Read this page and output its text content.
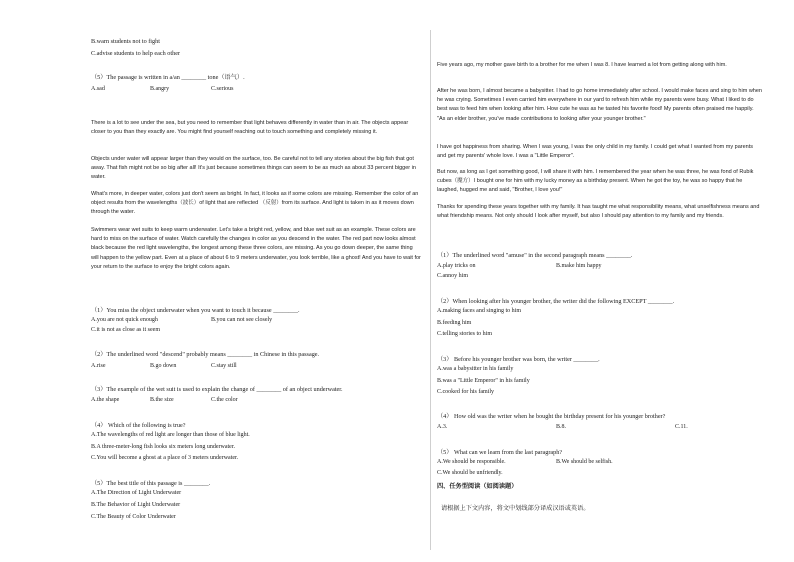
B.warn students not to fight
C.advise students to help each other
（5）The passage is written in a/an ________ tone（语气）.
A.sad	B.angry	C.serious
There is a lot to see under the sea, but you need to remember that light behaves differently in water than in air. The objects appear closer to you than they exactly are. You might find yourself reaching out to touch something and completely missing it.
Objects under water will appear larger than they would on the surface, too. Be careful not to tell any stories about the big fish that got away. That fish might not be so big after all! It's just because sometimes things can seem to be as much as about 33 percent bigger in water.
What's more, in deeper water, colors just don't seem as bright. In fact, it looks as if some colors are missing. Remember the color of an object results from the wavelengths（波长）of light that are reflected （反射）from its surface. And light is taken in as it moves down through the water.
Swimmers wear wet suits to keep warm underwater. Let's take a bright red, yellow, and blue wet suit as an example. These colors are hard to miss on the surface of water. Watch carefully the changes in color as you descend in the water. The red part now looks almost black because the red light wavelengths, the longest among these three colors, are missing. As you go down deeper, the same thing will happen to the yellow part. Even at a place of about 6 to 9 meters underwater, you look terrible, like a ghost! And you have to wait for your return to the surface to enjoy the bright colors again.
（1）You miss the object underwater when you want to touch it because ________.
A.you are not quick enough	B.you can not see closely
C.it is not as close as it seem
（2）The underlined word "descend" probably means ________ in Chinese in this passage.
A.rise	B.go down	C.stay still
（3）The example of the wet suit is used to explain the change of ________ of an object underwater.
A.the shape	B.the size	C.the color
（4） Which of the following is true?
A.The wavelengths of red light are longer than those of blue light.
B.A three-meter-long fish looks six meters long underwater.
C.You will become a ghost at a place of 3 meters underwater.
（5）The best title of this passage is ________.
A.The Direction of Light Underwater
B.The Behavior of Light Underwater
C.The Beauty of Color Underwater
Five years ago, my mother gave birth to a brother for me when I was 8. I have learned a lot from getting along with him.
After he was born, I almost became a babysitter. I had to go home immediately after school. I would make faces and sing to him when he was crying. Sometimes I even carried him everywhere in our yard to refresh him while my parents were busy. What I liked to do best was to feed him when looking after him. How cute he was as he tasted his favorite food! My parents often praised me happily. "As an elder brother, you've made contributions to looking after your younger brother."
I have got happiness from sharing. When I was young, I was the only child in my family. I could get what I wanted from my parents and get my parents' whole love. I was a "Little Emperor".
But now, as long as I get something good, I will share it with him. I remembered the year when he was three, he was fond of Rubik cubes（魔方）I bought one for him with my lucky money as a birthday present. When he got the toy, he was so happy that he laughed, hugged me and said, "Brother, I love you!"
Thanks for spending these years together with my family. It has taught me what responsibility means, what unselfishness means and what friendship means. Not only should I look after myself, but also I should pay attention to my family and my friends.
（1）The underlined word "amuse" in the second paragraph means ________.
A.play tricks on	B.make him happy
C.annoy him
（2）When looking after his younger brother, the writer did the following EXCEPT ________.
A.making faces and singing to him
B.feeding him
C.telling stories to him
（3） Before his younger brother was born, the writer ________.
A.was a babysitter in his family
B.was a "Little Emperor" in his family
C.cooked for his family
（4） How old was the writer when he bought the birthday present for his younger brother?
A.3.	B.8.	C.11.
（5） What can we learn from the last paragraph?
A.We should be responsible.	B.We should be selfish.
C.We should be unfriendly.
四、任务型阅读（如阅读题）
请根据上下文内容，将文中划线部分译成汉语或英语。
